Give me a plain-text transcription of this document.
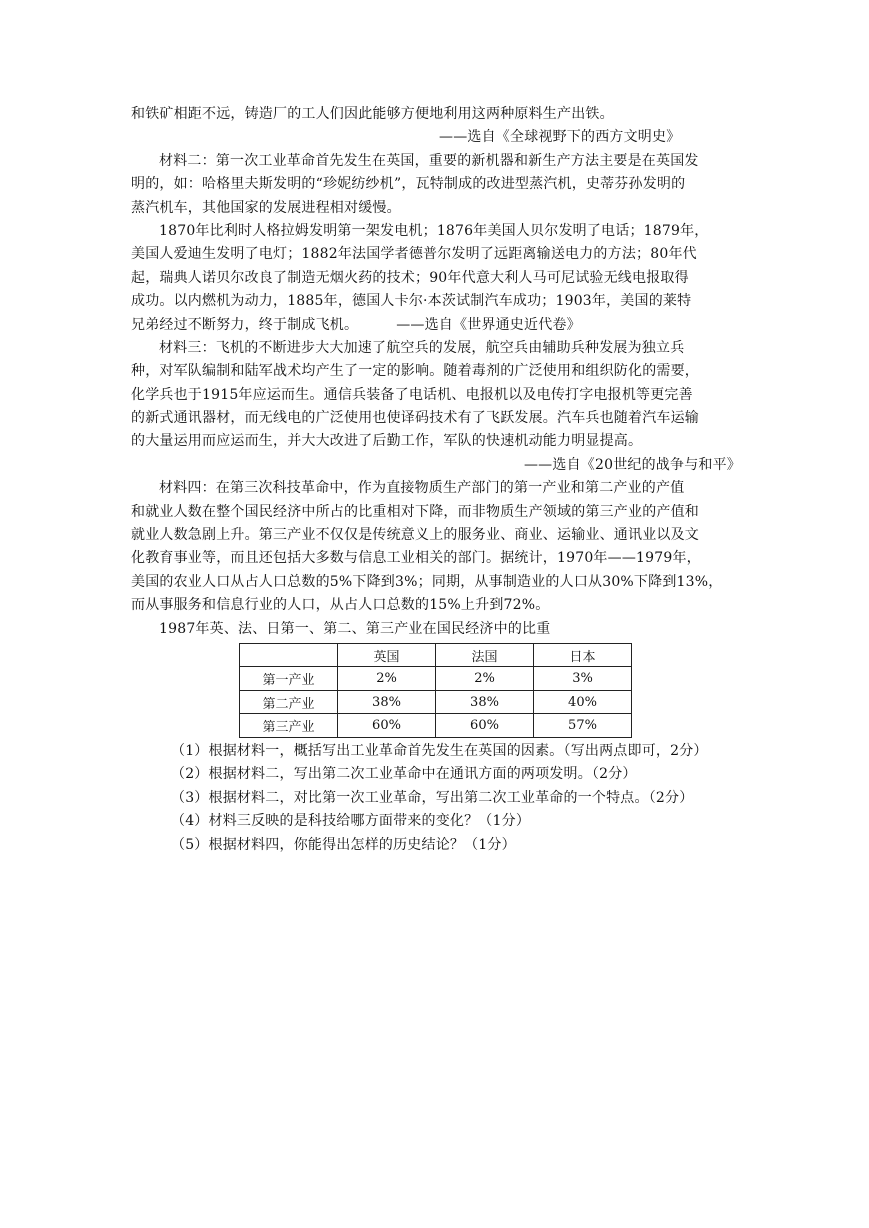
和铁矿相距不远，铸造厂的工人们因此能够方便地利用这两种原料生产出铁。
——选自《全球视野下的西方文明史》
材料二：第一次工业革命首先发生在英国，重要的新机器和新生产方法主要是在英国发
明的，如：哈格里夫斯发明的“珍妮纺纱机”，瓦特制成的改进型蒸汽机，史蒂芬孙发明的
蒸汽机车，其他国家的发展进程相对缓慢。
1870年比利时人格拉姆发明第一架发电机；1876年美国人贝尔发明了电话；1879年，
美国人爱迪生发明了电灯；1882年法国学者德普尔发明了远距离输送电力的方法；80年代
起，瑞典人诺贝尔改良了制造无烟火药的技术；90年代意大利人马可尼试验无线电报取得
成功。以内燃机为动力，1885年，德国人卡尔·本茨试制汽车成功；1903年，美国的莱特
兄弟经过不断努力，终于制成飞机。	——选自《世界通史近代卷》
材料三：飞机的不断进步大大加速了航空兵的发展，航空兵由辅助兵种发展为独立兵
种，对军队编制和陆军战术均产生了一定的影响。随着毒剂的广泛使用和组织防化的需要，
化学兵也于1915年应运而生。通信兵装备了电话机、电报机以及电传打字电报机等更完善
的新式通讯器材，而无线电的广泛使用也使译码技术有了飞跃发展。汽车兵也随着汽车运输
的大量运用而应运而生，并大大改进了后勤工作，军队的快速机动能力明显提高。
——选自《20世纪的战争与和平》
材料四：在第三次科技革命中，作为直接物质生产部门的第一产业和第二产业的产值
和就业人数在整个国民经济中所占的比重相对下降，而非物质生产领域的第三产业的产值和
就业人数急剧上升。第三产业不仅仅是传统意义上的服务业、商业、运输业、通讯业以及文
化教育事业等，而且还包括大多数与信息工业相关的部门。据统计，1970年——1979年，
美国的农业人口从占人口总数的5%下降到3%；同期，从事制造业的人口从30%下降到13%，
而从事服务和信息行业的人口，从占人口总数的15%上升到72%。
1987年英、法、日第一、第二、第三产业在国民经济中的比重
	英国	法国	日本
第一产业	2%	2%	3%
第二产业	38%	38%	40%
第三产业	60%	60%	57%
（1）根据材料一，概括写出工业革命首先发生在英国的因素。（写出两点即可，2分）
（2）根据材料二，写出第二次工业革命中在通讯方面的两项发明。（2分）
（3）根据材料二，对比第一次工业革命，写出第二次工业革命的一个特点。（2分）
（4）材料三反映的是科技给哪方面带来的变化？（1分）
（5）根据材料四，你能得出怎样的历史结论？（1分）
